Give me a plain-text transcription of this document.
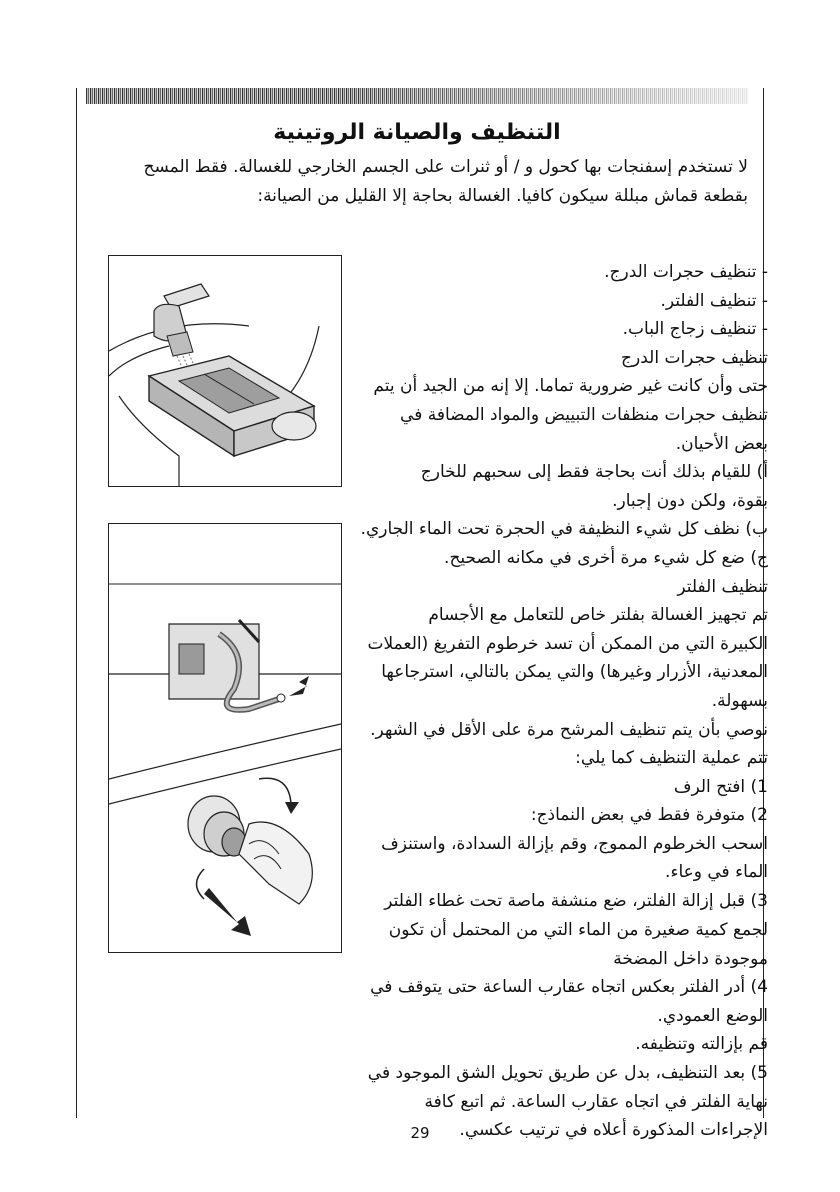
التنظيف والصيانة الروتينية

لا تستخدم إسفنجات بها كحول و / أو ثنرات على الجسم الخارجي للغسالة. فقط المسح

بقطعة قماش مبللة سيكون كافيا. الغسالة بحاجة إلا القليل من الصيانة:

- تنظيف حجرات الدرج.

- تنظيف الفلتر.

- تنظيف زجاج الباب.

تنظيف حجرات الدرج

حتى وأن كانت غير ضرورية تماما. إلا إنه من الجيد أن يتم

تنظيف حجرات منظفات التبييض والمواد المضافة في

بعض الأحيان.

أ) للقيام بذلك أنت بحاجة فقط إلى سحبهم للخارج

بقوة، ولكن دون إجبار.

ب) نظف كل شيء النظيفة في الحجرة تحت الماء الجاري.

ج) ضع كل شيء مرة أخرى في مكانه الصحيح.

تنظيف الفلتر

تم تجهيز الغسالة بفلتر خاص للتعامل مع الأجسام

الكبيرة التي من الممكن أن تسد خرطوم التفريغ (العملات

المعدنية، الأزرار وغيرها) والتي يمكن بالتالي، استرجاعها

بسهولة.

نوصي بأن يتم تنظيف المرشح مرة على الأقل في الشهر.

تتم عملية التنظيف كما يلي:

1) افتح الرف

2) متوفرة فقط في بعض النماذج:

اسحب الخرطوم المموج، وقم بإزالة السدادة، واستنزف

الماء في وعاء.

3) قبل إزالة الفلتر، ضع منشفة ماصة تحت غطاء الفلتر

لجمع كمية صغيرة من الماء التي من المحتمل أن تكون

موجودة داخل المضخة

4) أدر الفلتر بعكس اتجاه عقارب الساعة حتى يتوقف في

الوضع العمودي.

قم بإزالته وتنظيفه.

5) بعد التنظيف، بدل عن طريق تحويل الشق الموجود في

نهاية الفلتر في اتجاه عقارب الساعة. ثم اتبع كافة

الإجراءات المذكورة أعلاه في ترتيب عكسي.

29
